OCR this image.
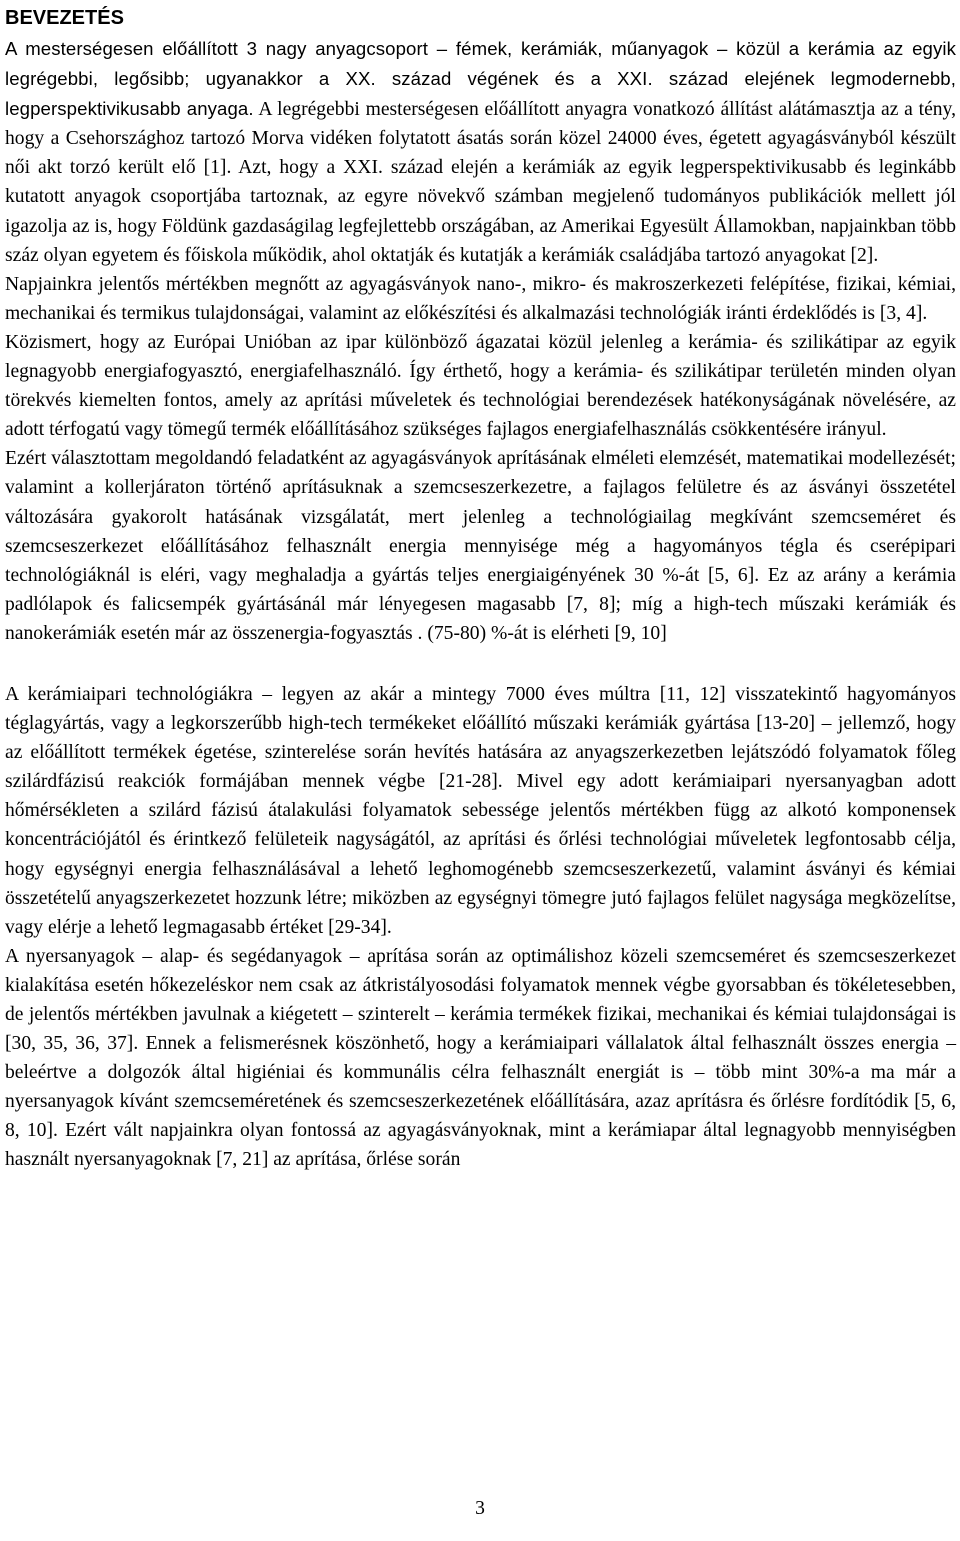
BEVEZETÉS
A mesterségesen előállított 3 nagy anyagcsoport – fémek, kerámiák, műanyagok – közül a kerámia az egyik legrégebbi, legősibb; ugyanakkor a XX. század végének és a XXI. század elejének legmodernebb, legperspektivikusabb anyaga. A legrégebbi mesterségesen előállított anyagra vonatkozó állítást alátámasztja az a tény, hogy a Csehországhoz tartozó Morva vidéken folytatott ásatás során közel 24000 éves, égetett agyagásványból készült női akt torzó került elő [1]. Azt, hogy a XXI. század elején a kerámiák az egyik legperspektivikusabb és leginkább kutatott anyagok csoportjába tartoznak, az egyre növekvő számban megjelenő tudományos publikációk mellett jól igazolja az is, hogy Földünk gazdaságilag legfejlettebb országában, az Amerikai Egyesült Államokban, napjainkban több száz olyan egyetem és főiskola működik, ahol oktatják és kutatják a kerámiák családjába tartozó anyagokat [2].
Napjainkra jelentős mértékben megnőtt az agyagásványok nano-, mikro- és makroszerkezeti felépítése, fizikai, kémiai, mechanikai és termikus tulajdonságai, valamint az előkészítési és alkalmazási technológiák iránti érdeklődés is [3, 4].
Közismert, hogy az Európai Unióban az ipar különböző ágazatai közül jelenleg a kerámia- és szilikátipar az egyik legnagyobb energiafogyasztó, energiafelhasználó. Így érthető, hogy a kerámia- és szilikátipar területén minden olyan törekvés kiemelten fontos, amely az aprítási műveletek és technológiai berendezések hatékonyságának növelésére, az adott térfogatú vagy tömegű termék előállításához szükséges fajlagos energiafelhasználás csökkentésére irányul.
Ezért választottam megoldandó feladatként az agyagásványok aprításának elméleti elemzését, matematikai modellezését; valamint a kollerjáraton történő aprításuknak a szemcseszerkezetre, a fajlagos felületre és az ásványi összetétel változására gyakorolt hatásának vizsgálatát, mert jelenleg a technológiailag megkívánt szemcseméret és szemcseszerkezet előállításához felhasznált energia mennyisége még a hagyományos tégla és cserépipari technológiáknál is eléri, vagy meghaladja a gyártás teljes energiaigényének 30 %-át [5, 6]. Ez az arány a kerámia padlólapok és falicsempék gyártásánál már lényegesen magasabb [7, 8]; míg a high-tech műszaki kerámiák és nanokerámiák esetén már az összenergia-fogyasztás . (75-80) %-át is elérheti [9, 10]
A kerámiaipari technológiákra – legyen az akár a mintegy 7000 éves múltra [11, 12] visszatekintő hagyományos téglagyártás, vagy a legkorszerűbb high-tech termékeket előállító műszaki kerámiák gyártása [13-20] – jellemző, hogy az előállított termékek égetése, szinterelése során hevítés hatására az anyagszerkezetben lejátszódó folyamatok főleg szilárdfázisú reakciók formájában mennek végbe [21-28]. Mivel egy adott kerámiaipari nyersanyagban adott hőmérsékleten a szilárd fázisú átalakulási folyamatok sebessége jelentős mértékben függ az alkotó komponensek koncentrációjától és érintkező felületeik nagyságától, az aprítási és őrlési technológiai műveletek legfontosabb célja, hogy egységnyi energia felhasználásával a lehető leghomogénebb szemcseszerkezetű, valamint ásványi és kémiai összetételű anyagszerkezetet hozzunk létre; miközben az egységnyi tömegre jutó fajlagos felület nagysága megközelítse, vagy elérje a lehető legmagasabb értéket [29-34].
A nyersanyagok – alap- és segédanyagok – aprítása során az optimálishoz közeli szemcseméret és szemcseszerkezet kialakítása esetén hőkezeléskor nem csak az átkristályosodási folyamatok mennek végbe gyorsabban és tökéletesebben, de jelentős mértékben javulnak a kiégetett – szinterelt – kerámia termékek fizikai, mechanikai és kémiai tulajdonságai is [30, 35, 36, 37]. Ennek a felismerésnek köszönhető, hogy a kerámiaipari vállalatok által felhasznált összes energia – beleértve a dolgozók által higiéniai és kommunális célra felhasznált energiát is – több mint 30%-a ma már a nyersanyagok kívánt szemcseméretének és szemcseszerkezetének előállítására, azaz aprításra és őrlésre fordítódik [5, 6, 8, 10]. Ezért vált napjainkra olyan fontossá az agyagásványoknak, mint a kerámiapar által legnagyobb mennyiségben használt nyersanyagoknak [7, 21] az aprítása, őrlése során
3
